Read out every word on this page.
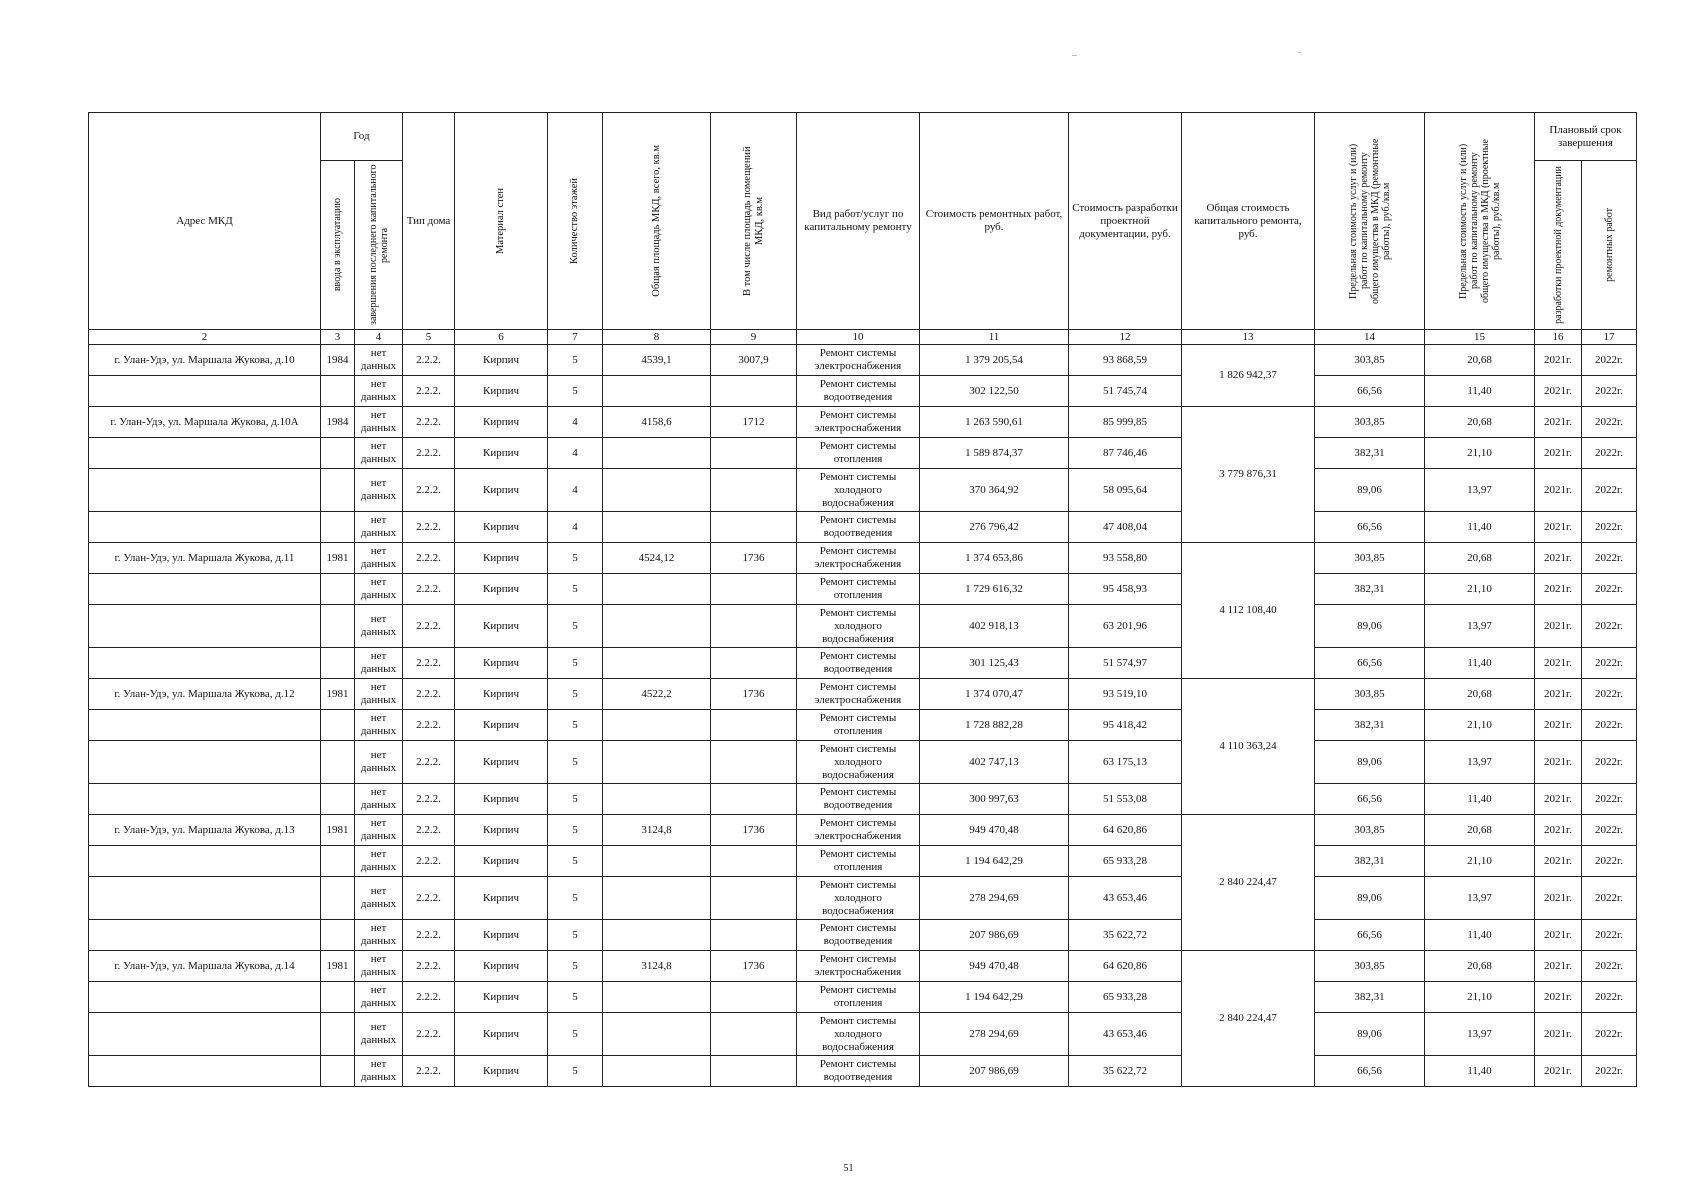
Адрес МКД	Год		Тип дома	Материал стен	Количество этажей	Общая площадь МКД, всего, кв.м	В том числе площадь помещений МКД, кв.м	Вид работ/услуг по капитальному ремонту	Стоимость ремонтных работ, руб.	Стоимость разработки проектной документации, руб.	Общая стоимость капитального ремонта, руб.	Предельная стоимость услуг и (или) работ по капитальному ремонту общего имущества в МКД (ремонтные работы), руб./кв.м	Предельная стоимость услуг и (или) работ по капитальному ремонту общего имущества в МКД (проектные работы), руб./кв.м	Плановый срок завершения	

	ввода в эксплуатацию	завершения последнего капитального ремонта												разработки проектной документации	ремонтных работ

2	3	4	5	6	7	8	9	10	11	12	13	14	15	16	17
г. Улан-Удэ, ул. Маршала Жукова, д.10	1984	нет данных	2.2.2.	Кирпич	5	4539,1	3007,9	Ремонт системы электроснабжения	1 379 205,54	93 868,59	1 826 942,37	303,85	20,68	2021г.	2022г.
		нет данных	2.2.2.	Кирпич	5			Ремонт системы водоотведения	302 122,50	51 745,74		66,56	11,40	2021г.	2022г.
г. Улан-Удэ, ул. Маршала Жукова, д.10А	1984	нет данных	2.2.2.	Кирпич	4	4158,6	1712	Ремонт системы электроснабжения	1 263 590,61	85 999,85	3 779 876,31	303,85	20,68	2021г.	2022г.
		нет данных	2.2.2.	Кирпич	4			Ремонт системы отопления	1 589 874,37	87 746,46		382,31	21,10	2021г.	2022г.
		нет данных	2.2.2.	Кирпич	4			Ремонт системы холодного водоснабжения	370 364,92	58 095,64		89,06	13,97	2021г.	2022г.
		нет данных	2.2.2.	Кирпич	4			Ремонт системы водоотведения	276 796,42	47 408,04		66,56	11,40	2021г.	2022г.
г. Улан-Удэ, ул. Маршала Жукова, д.11	1981	нет данных	2.2.2.	Кирпич	5	4524,12	1736	Ремонт системы электроснабжения	1 374 653,86	93 558,80	4 112 108,40	303,85	20,68	2021г.	2022г.
		нет данных	2.2.2.	Кирпич	5			Ремонт системы отопления	1 729 616,32	95 458,93		382,31	21,10	2021г.	2022г.
		нет данных	2.2.2.	Кирпич	5			Ремонт системы холодного водоснабжения	402 918,13	63 201,96		89,06	13,97	2021г.	2022г.
		нет данных	2.2.2.	Кирпич	5			Ремонт системы водоотведения	301 125,43	51 574,97		66,56	11,40	2021г.	2022г.
г. Улан-Удэ, ул. Маршала Жукова, д.12	1981	нет данных	2.2.2.	Кирпич	5	4522,2	1736	Ремонт системы электроснабжения	1 374 070,47	93 519,10	4 110 363,24	303,85	20,68	2021г.	2022г.
		нет данных	2.2.2.	Кирпич	5			Ремонт системы отопления	1 728 882,28	95 418,42		382,31	21,10	2021г.	2022г.
		нет данных	2.2.2.	Кирпич	5			Ремонт системы холодного водоснабжения	402 747,13	63 175,13		89,06	13,97	2021г.	2022г.
		нет данных	2.2.2.	Кирпич	5			Ремонт системы водоотведения	300 997,63	51 553,08		66,56	11,40	2021г.	2022г.
г. Улан-Удэ, ул. Маршала Жукова, д.13	1981	нет данных	2.2.2.	Кирпич	5	3124,8	1736	Ремонт системы электроснабжения	949 470,48	64 620,86	2 840 224,47	303,85	20,68	2021г.	2022г.
		нет данных	2.2.2.	Кирпич	5			Ремонт системы отопления	1 194 642,29	65 933,28		382,31	21,10	2021г.	2022г.
		нет данных	2.2.2.	Кирпич	5			Ремонт системы холодного водоснабжения	278 294,69	43 653,46		89,06	13,97	2021г.	2022г.
		нет данных	2.2.2.	Кирпич	5			Ремонт системы водоотведения	207 986,69	35 622,72		66,56	11,40	2021г.	2022г.
г. Улан-Удэ, ул. Маршала Жукова, д.14	1981	нет данных	2.2.2.	Кирпич	5	3124,8	1736	Ремонт системы электроснабжения	949 470,48	64 620,86	2 840 224,47	303,85	20,68	2021г.	2022г.
		нет данных	2.2.2.	Кирпич	5			Ремонт системы отопления	1 194 642,29	65 933,28		382,31	21,10	2021г.	2022г.
		нет данных	2.2.2.	Кирпич	5			Ремонт системы холодного водоснабжения	278 294,69	43 653,46		89,06	13,97	2021г.	2022г.
		нет данных	2.2.2.	Кирпич	5			Ремонт системы водоотведения	207 986,69	35 622,72		66,56	11,40	2021г.	2022г.
51
